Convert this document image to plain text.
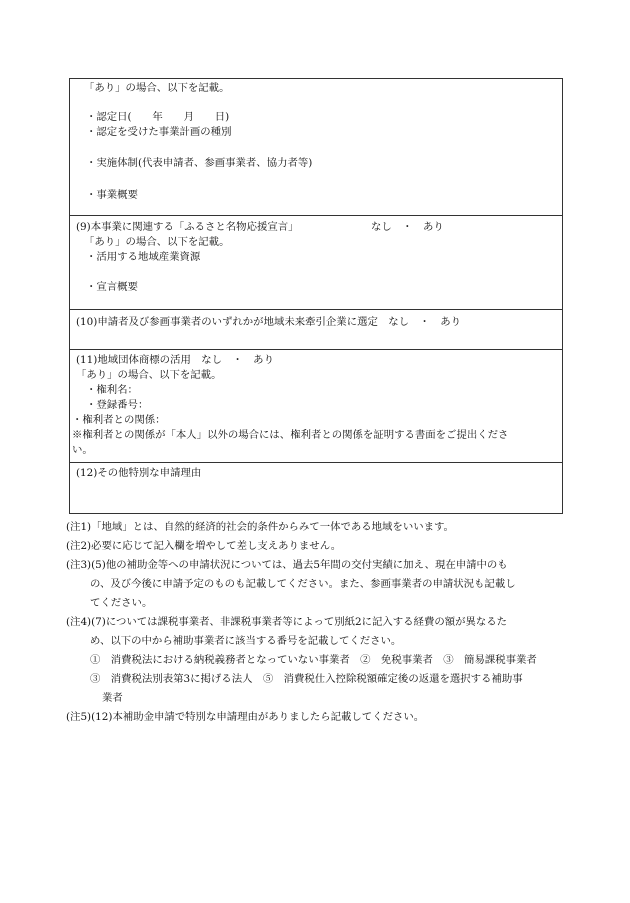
「あり」の場合、以下を記載。
・認定日(　　年　　月　　日)
・認定を受けた事業計画の種別
・実施体制(代表申請者、参画事業者、協力者等)
・事業概要
(9)本事業に関連する「ふるさと名物応援宣言」	なし　・　あり
「あり」の場合、以下を記載。
・活用する地域産業資源
・宣言概要
(10)申請者及び参画事業者のいずれかが地域未来牽引企業に選定　なし　・　あり
(11)地域団体商標の活用　なし　・　あり
「あり」の場合、以下を記載。
・権利名：
・登録番号：
・権利者との関係：
※権利者との関係が「本人」以外の場合には、権利者との関係を証明する書面をご提出くださ
い。
(12)その他特別な申請理由
(注1)「地域」とは、自然的経済的社会的条件からみて一体である地域をいいます。
(注2)必要に応じて記入欄を増やして差し支えありません。
(注3)(5)他の補助金等への申請状況については、過去5年間の交付実績に加え、現在申請中のも
の、及び今後に申請予定のものも記載してください。また、参画事業者の申請状況も記載し
てください。
(注4)(7)については課税事業者、非課税事業者等によって別紙2に記入する経費の額が異なるた
め、以下の中から補助事業者に該当する番号を記載してください。
①　消費税法における納税義務者となっていない事業者　②　免税事業者　③　簡易課税事業者
③　消費税法別表第3に掲げる法人　⑤　消費税仕入控除税額確定後の返還を選択する補助事
業者
(注5)(12)本補助金申請で特別な申請理由がありましたら記載してください。
